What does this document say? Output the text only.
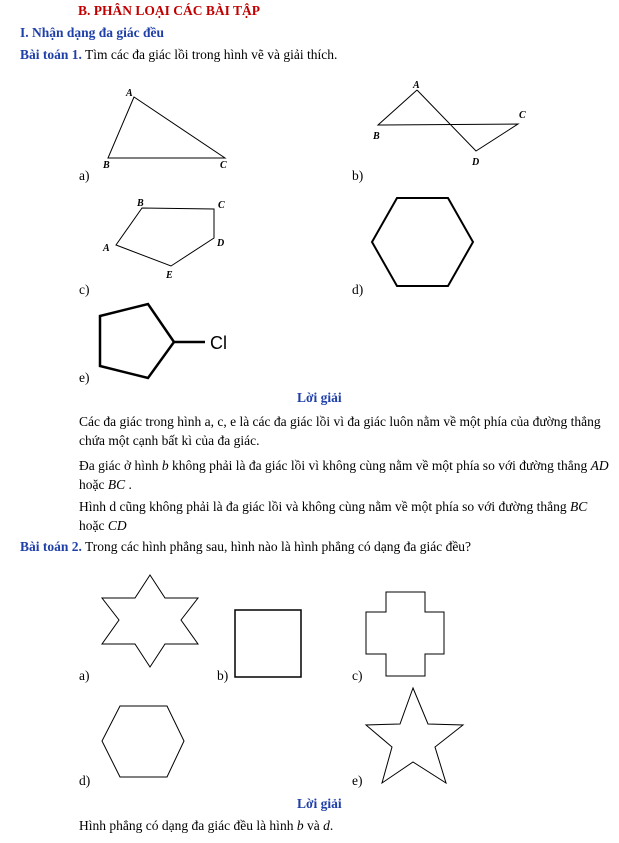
B. PHÂN LOẠI CÁC BÀI TẬP
I. Nhận dạng đa giác đều
Bài toán 1. Tìm các đa giác lồi trong hình vẽ và giải thích.
A
B	C
a)
A
B
C
D
b)
B	C
D
E
A
c)	d)
Cl
e)
Lời giải
Các đa giác trong hình a, c, e là các đa giác lồi vì đa giác luôn nằm về một phía của đường thẳng chứa một cạnh bất kì của đa giác.
Đa giác ở hình b không phải là đa giác lồi vì không cùng nằm về một phía so với đường thẳng AD hoặc BC .
Hình d cũng không phải là đa giác lồi và không cùng nằm về một phía so với đường thẳng BC hoặc CD
Bài toán 2. Trong các hình phẳng sau, hình nào là hình phẳng có dạng đa giác đều?
a)	b)	c)
d)	e)
Lời giải
Hình phẳng có dạng đa giác đều là hình b và d.
